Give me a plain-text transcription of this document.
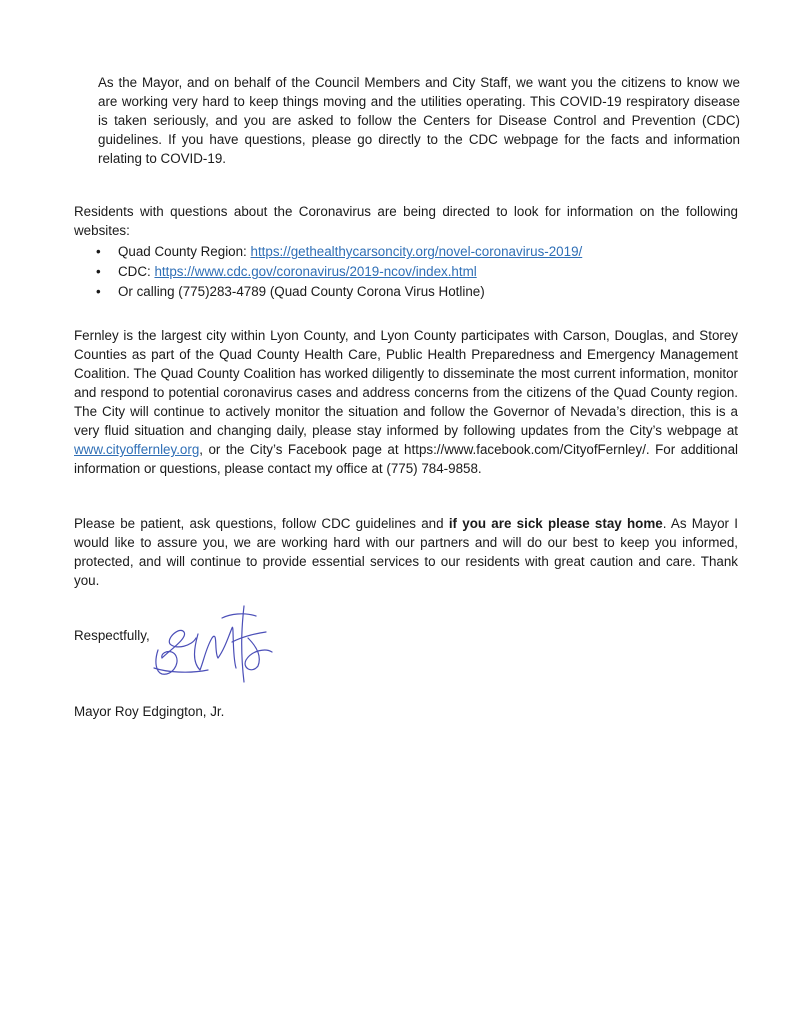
As the Mayor, and on behalf of the Council Members and City Staff, we want you the citizens to know we are working very hard to keep things moving and the utilities operating. This COVID-19 respiratory disease is taken seriously, and you are asked to follow the Centers for Disease Control and Prevention (CDC) guidelines. If you have questions, please go directly to the CDC webpage for the facts and information relating to COVID-19.

Residents with questions about the Coronavirus are being directed to look for information on the following websites:

• Quad County Region: https://gethealthycarsoncity.org/novel-coronavirus-2019/
• CDC: https://www.cdc.gov/coronavirus/2019-ncov/index.html
• Or calling (775)283-4789 (Quad County Corona Virus Hotline)

Fernley is the largest city within Lyon County, and Lyon County participates with Carson, Douglas, and Storey Counties as part of the Quad County Health Care, Public Health Preparedness and Emergency Management Coalition. The Quad County Coalition has worked diligently to disseminate the most current information, monitor and respond to potential coronavirus cases and address concerns from the citizens of the Quad County region. The City will continue to actively monitor the situation and follow the Governor of Nevada’s direction, this is a very fluid situation and changing daily, please stay informed by following updates from the City’s webpage at www.cityoffernley.org, or the City’s Facebook page at https://www.facebook.com/CityofFernley/. For additional information or questions, please contact my office at (775) 784-9858.

Please be patient, ask questions, follow CDC guidelines and if you are sick please stay home. As Mayor I would like to assure you, we are working hard with our partners and will do our best to keep you informed, protected, and will continue to provide essential services to our residents with great caution and care. Thank you.

Respectfully,

Mayor Roy Edgington, Jr.
